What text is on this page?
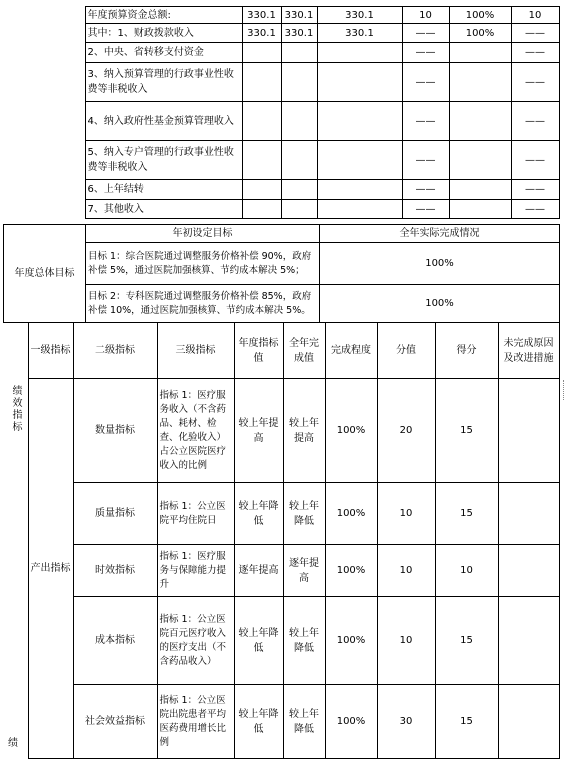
	年度预算资金总额:	330.1	330.1	330.1	10	100%	10
	其中：1、财政拨款收入	330.1	330.1	330.1	——	100%	——
	2、中央、省转移支付资金				——		——
	3、纳入预算管理的行政事业性收费等非税收入				——		——
	4、纳入政府性基金预算管理收入				——		——
	5、纳入专户管理的行政事业性收费等非税收入				——		——
	6、上年结转				——		——
	7、其他收入				——		——
年度总体目标	年初设定目标	全年实际完成情况
	目标 1：综合医院通过调整服务价格补偿 90%，政府补偿 5%，通过医院加强核算、节约成本解决 5%；	100%
	目标 2：专科医院通过调整服务价格补偿 85%，政府补偿 10%，通过医院加强核算、节约成本解决 5%。	100%
绩效指标
绩	一级指标	二级指标	三级指标	年度指标值	全年完成值	完成程度	分值	得分	未完成原因及改进措施
	产出指标	数量指标	指标 1：医疗服务收入（不含药品、耗材、检查、化验收入）占公立医院医疗收入的比例	较上年提高	较上年提高	100%	20	15	
		质量指标	指标 1：公立医院平均住院日	较上年降低	较上年降低	100%	10	15	
		时效指标	指标 1：医疗服务与保障能力提升	逐年提高	逐年提高	100%	10	10	
		成本指标	指标 1：公立医院百元医疗收入的医疗支出（不含药品收入）	较上年降低	较上年降低	100%	10	15	
		社会效益指标	指标 1：公立医院出院患者平均医药费用增长比例	较上年降低	较上年降低	100%	30	15	
